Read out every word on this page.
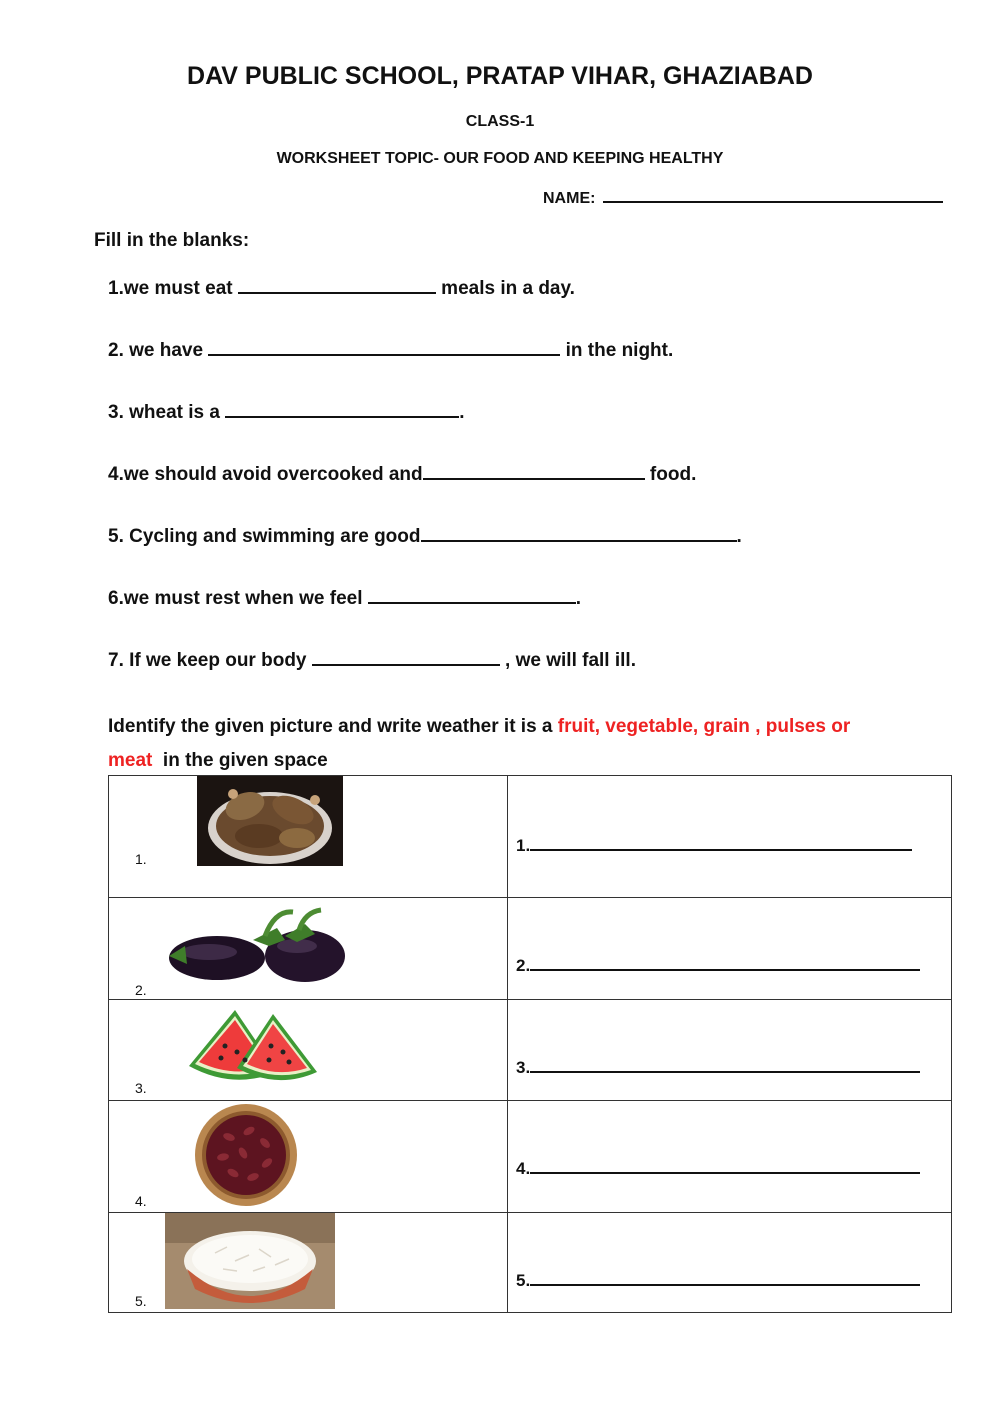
DAV PUBLIC SCHOOL, PRATAP VIHAR, GHAZIABAD
CLASS-1
WORKSHEET TOPIC- OUR FOOD AND KEEPING HEALTHY
NAME:
Fill in the blanks:
1.we must eat	meals in a day.
2. we have	in the night.
3. wheat is a	.
4.we should avoid overcooked and	food.
5. Cycling and swimming are good	.
6.we must rest when we feel	.
7. If we keep our body	, we will fall ill.
Identify the given picture and write weather it is a fruit, vegetable, grain , pulses or
meat  in the given space
1.	1.

2.	2.

3.	3.

4.	4.

5.	5.
